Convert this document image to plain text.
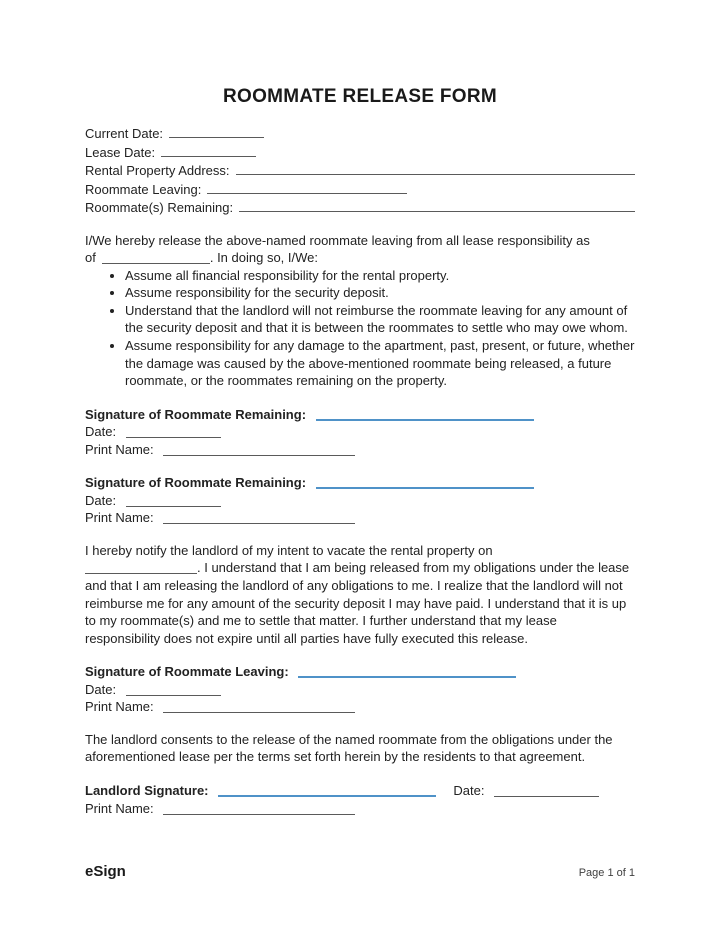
ROOMMATE RELEASE FORM
Current Date:
Lease Date:
Rental Property Address:
Roommate Leaving:
Roommate(s) Remaining:

I/We hereby release the above-named roommate leaving from all lease responsibility as
of	. In doing so, I/We:

• Assume all financial responsibility for the rental property.
• Assume responsibility for the security deposit.
• Understand that the landlord will not reimburse the roommate leaving for any amount of the security deposit and that it is between the roommates to settle who may owe whom.
• Assume responsibility for any damage to the apartment, past, present, or future, whether the damage was caused by the above-mentioned roommate being released, a future roommate, or the roommates remaining on the property.
Signature of Roommate Remaining:
Date:
Print Name:
Signature of Roommate Remaining:
Date:
Print Name:

I hereby notify the landlord of my intent to vacate the rental property on
. I understand that I am being released from my obligations under the lease and that I am releasing the landlord of any obligations to me. I realize that the landlord will not reimburse me for any amount of the security deposit I may have paid. I understand that it is up to my roommate(s) and me to settle that matter. I further understand that my lease responsibility does not expire until all parties have fully executed this release.

Signature of Roommate Leaving:
Date:
Print Name:

The landlord consents to the release of the named roommate from the obligations under the aforementioned lease per the terms set forth herein by the residents to that agreement.

Landlord Signature:	Date:
Print Name:
eSign	Page 1 of 1
